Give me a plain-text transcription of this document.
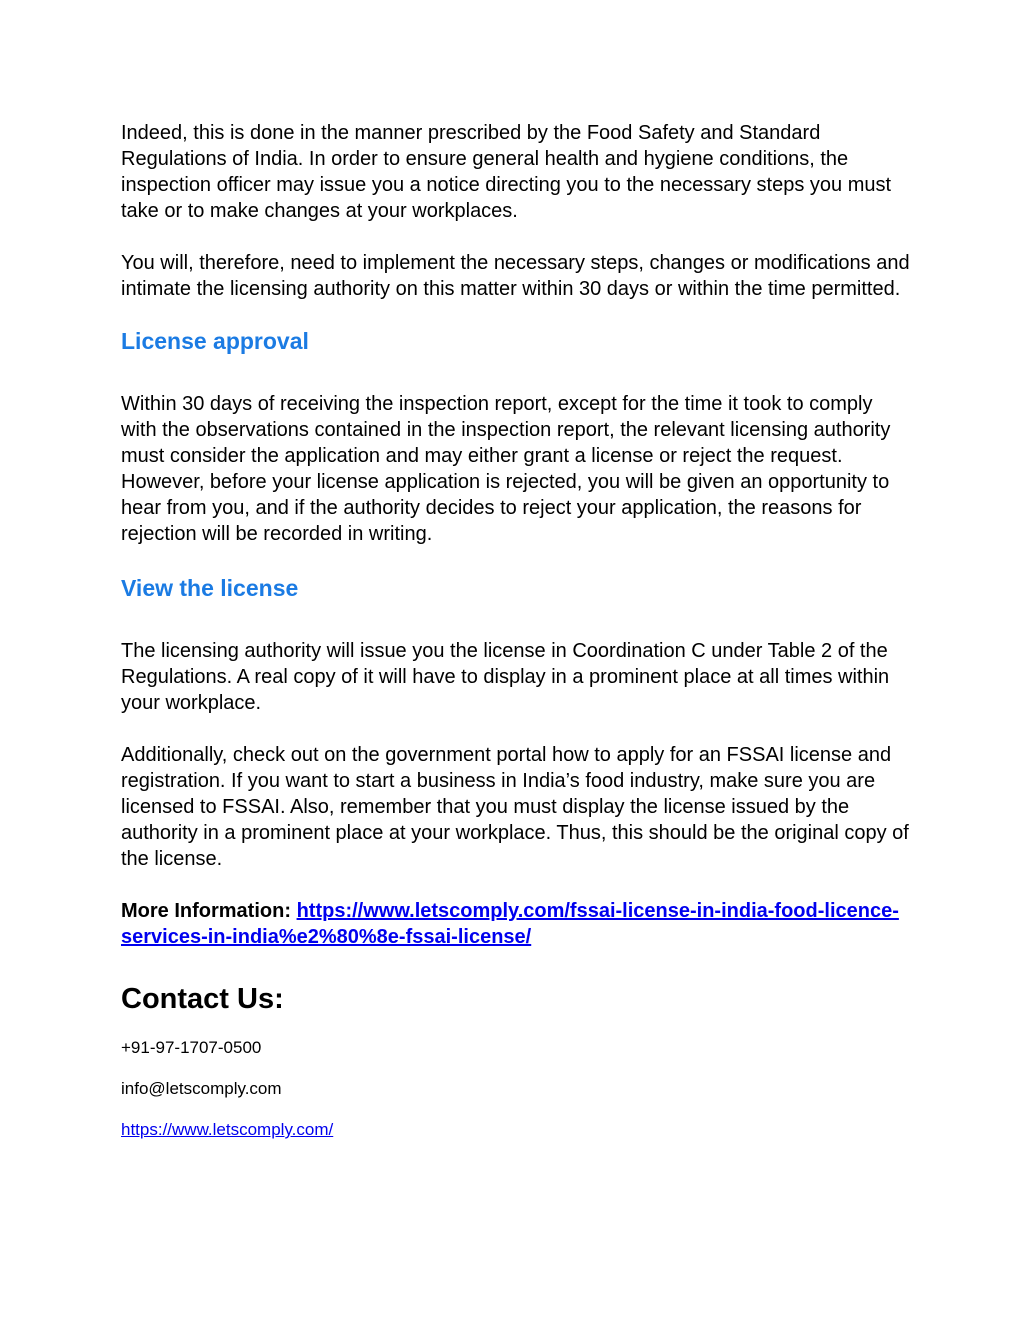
Indeed, this is done in the manner prescribed by the Food Safety and Standard Regulations of India. In order to ensure general health and hygiene conditions, the inspection officer may issue you a notice directing you to the necessary steps you must take or to make changes at your workplaces.

You will, therefore, need to implement the necessary steps, changes or modifications and intimate the licensing authority on this matter within 30 days or within the time permitted.

License approval

Within 30 days of receiving the inspection report, except for the time it took to comply with the observations contained in the inspection report, the relevant licensing authority must consider the application and may either grant a license or reject the request. However, before your license application is rejected, you will be given an opportunity to hear from you, and if the authority decides to reject your application, the reasons for rejection will be recorded in writing.

View the license

The licensing authority will issue you the license in Coordination C under Table 2 of the Regulations. A real copy of it will have to display in a prominent place at all times within your workplace.

Additionally, check out on the government portal how to apply for an FSSAI license and registration. If you want to start a business in India’s food industry, make sure you are licensed to FSSAI. Also, remember that you must display the license issued by the authority in a prominent place at your workplace. Thus, this should be the original copy of the license.

More Information: https://www.letscomply.com/fssai-license-in-india-food-licence-services-in-india%e2%80%8e-fssai-license/

Contact Us:

+91-97-1707-0500

info@letscomply.com

https://www.letscomply.com/
